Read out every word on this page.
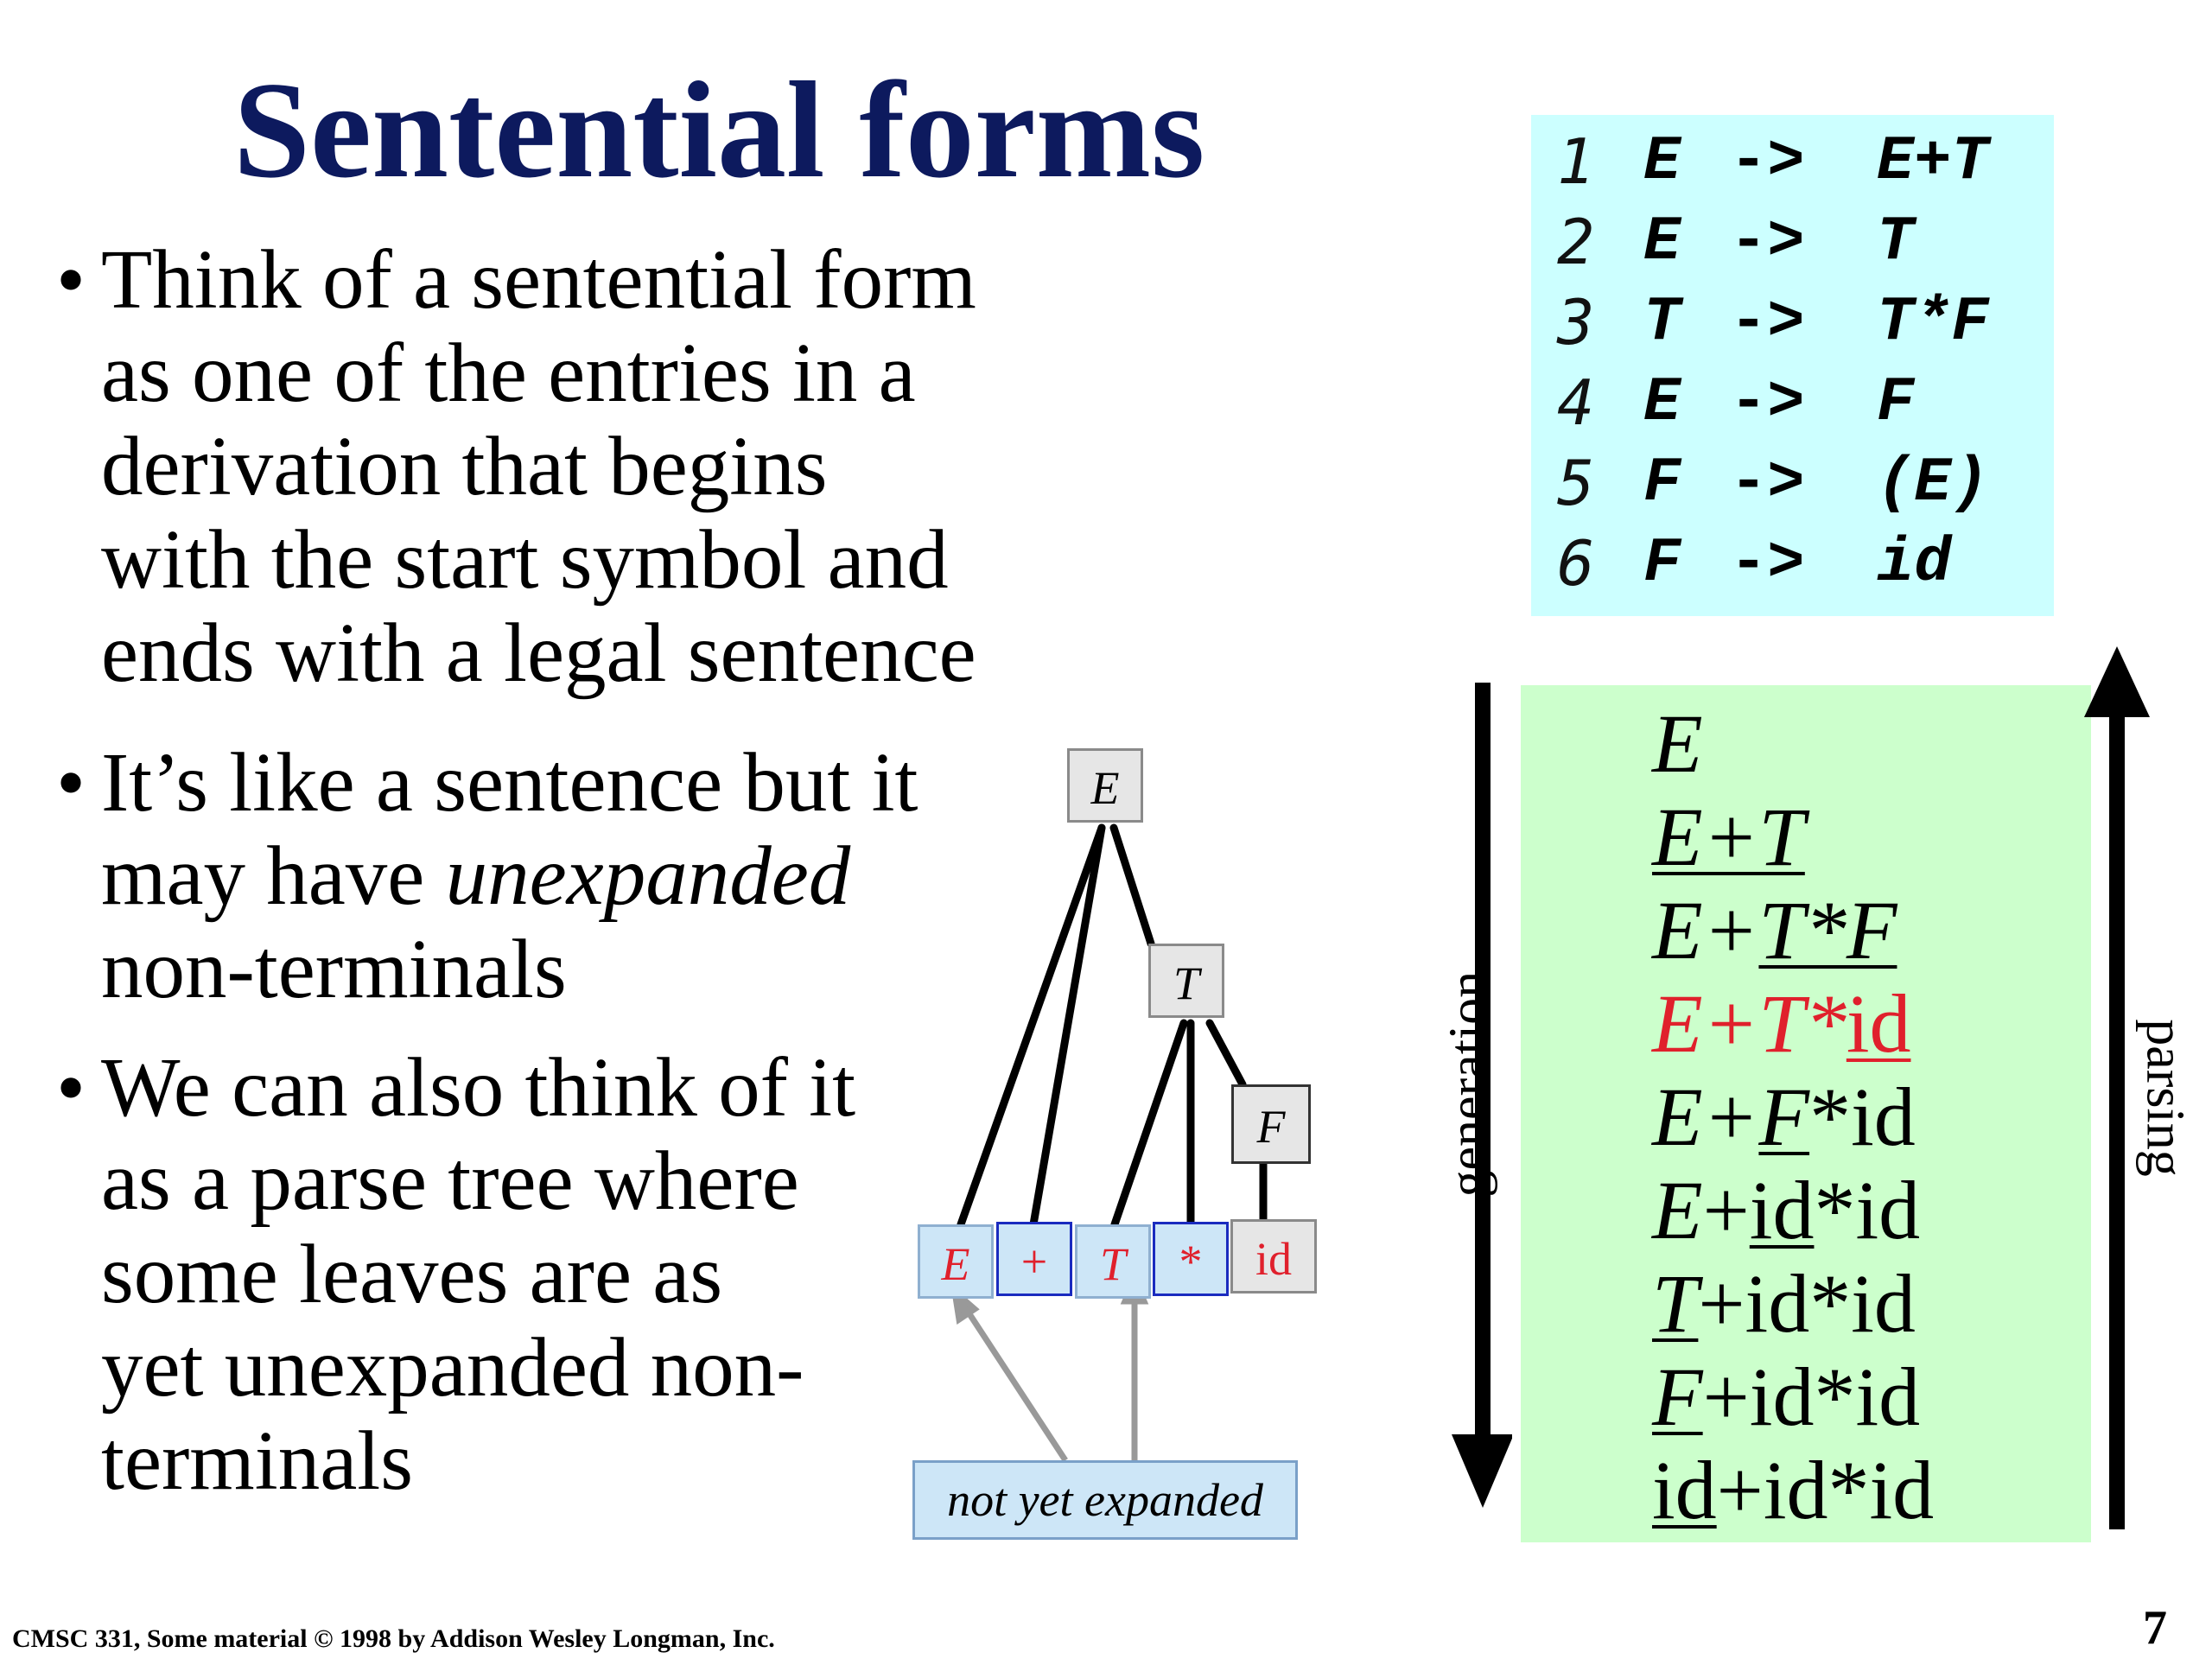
Sentential forms
• Think of a sentential form
as one of the entries in a
derivation that begins
with the start symbol and
ends with a legal sentence
• It’s like a sentence but it
may have unexpanded
non-terminals
• We can also think of it
as a parse tree where
some leaves are as
yet unexpanded non-
terminals
1 E -> E+T
2 E -> T
3 T -> T*F
4 E -> F
5 F -> (E)
6 F -> id
E
T
F
E	+	T	*	id
not yet expanded
E
E+T
E+T*F
E+T*id
E+F*id
E+id*id
T+id*id
F+id*id
id+id*id
generation	parsing
CMSC 331, Some material © 1998 by Addison Wesley Longman, Inc.	7
